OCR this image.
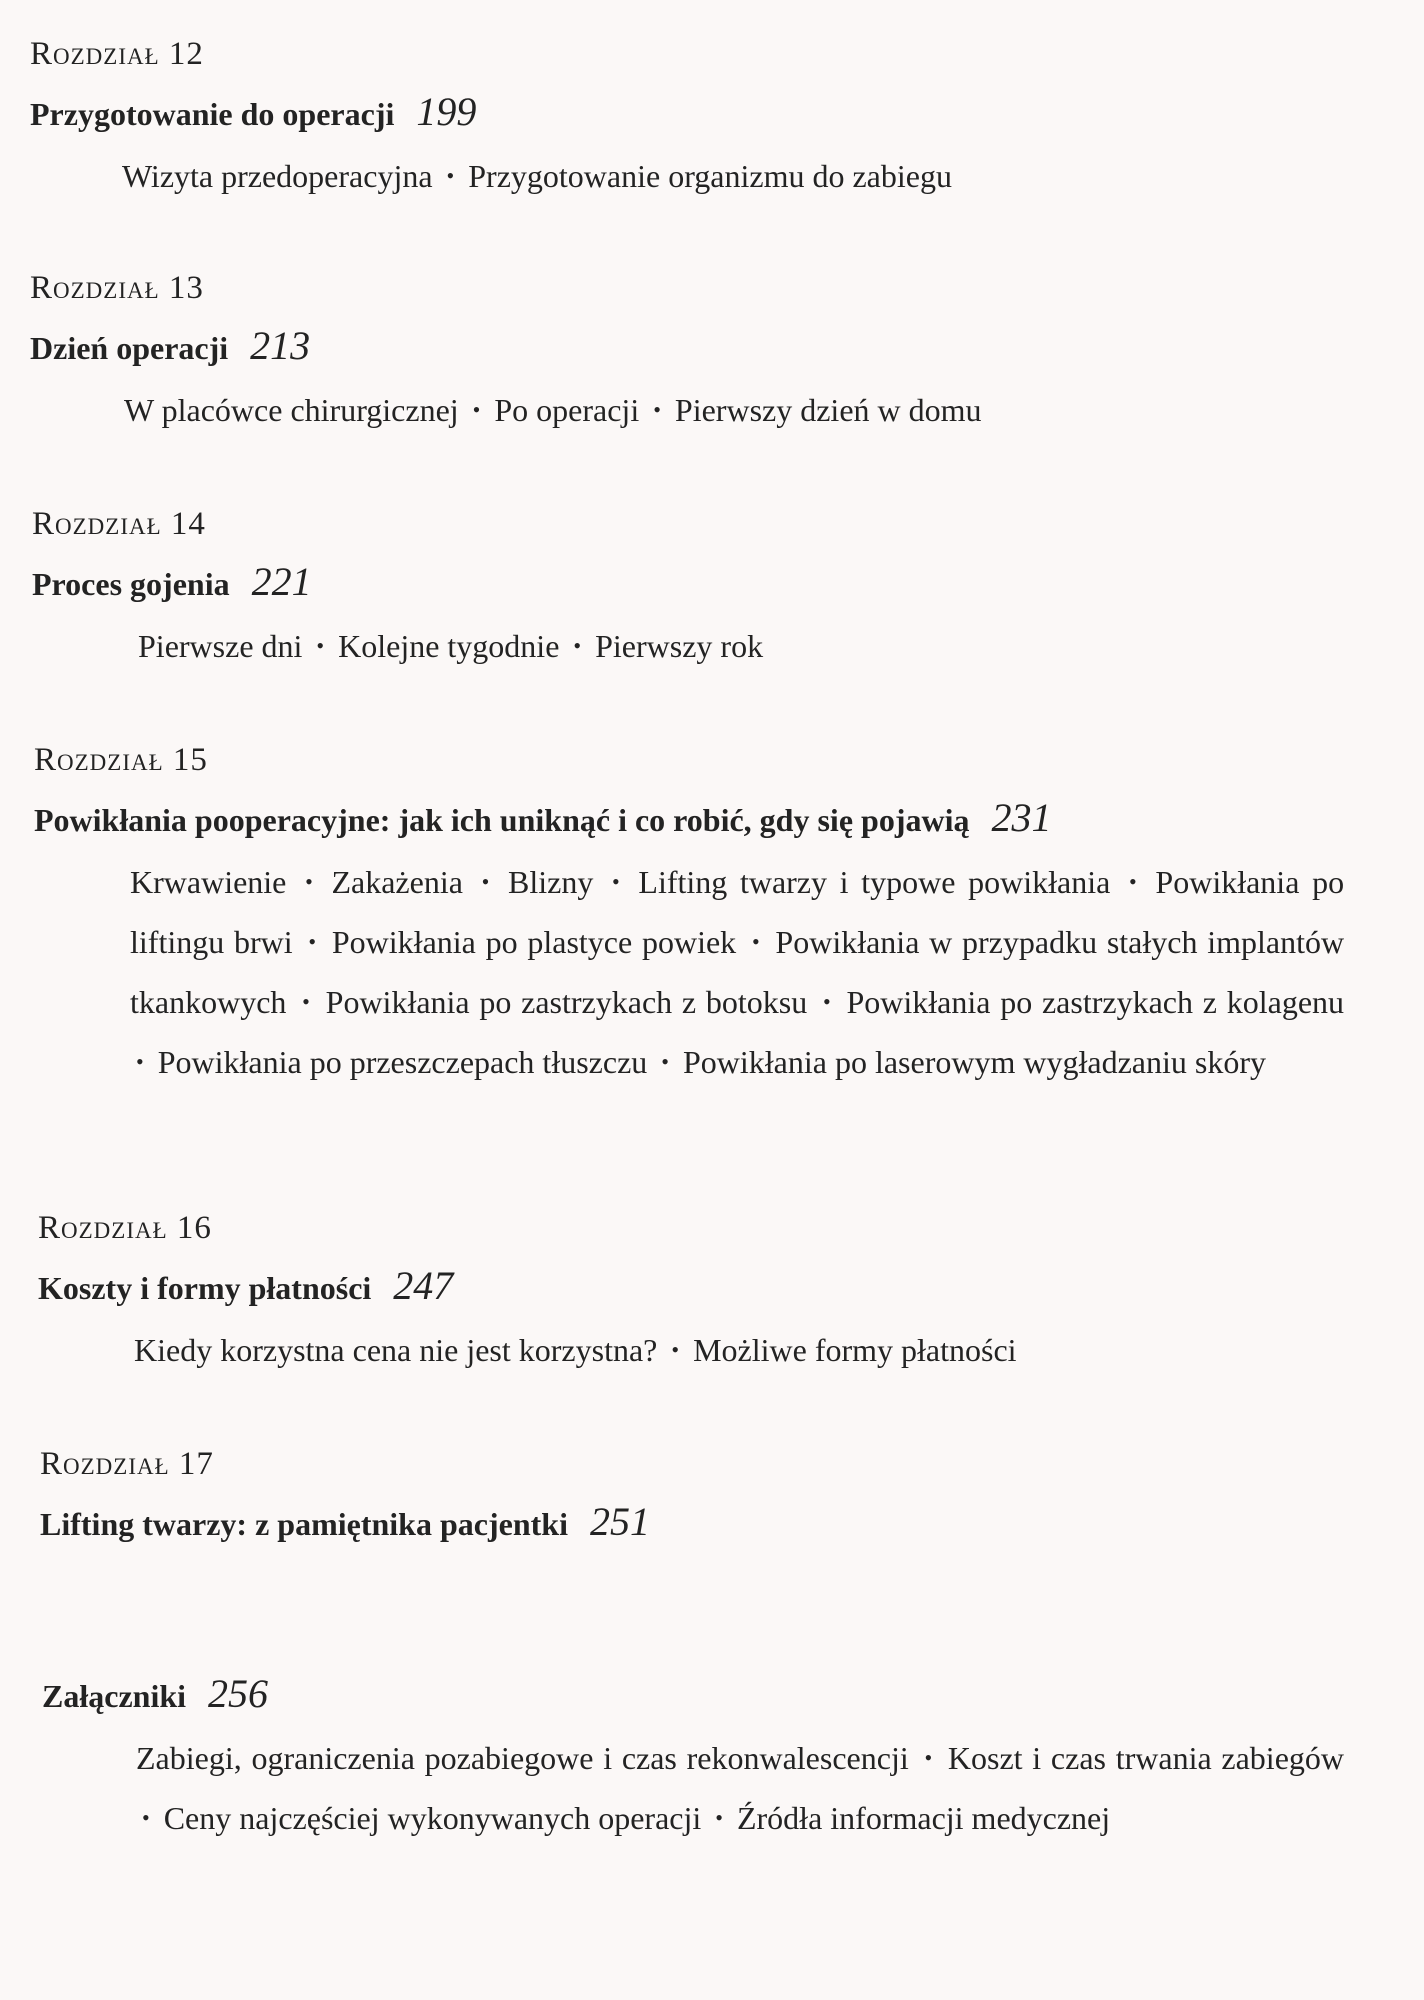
Rozdział 12

Przygotowanie do operacji 199

Wizyta przedoperacyjna • Przygotowanie organizmu do zabiegu

Rozdział 13

Dzień operacji 213

W placówce chirurgicznej • Po operacji • Pierwszy dzień w domu

Rozdział 14

Proces gojenia 221

Pierwsze dni • Kolejne tygodnie • Pierwszy rok

Rozdział 15

Powikłania pooperacyjne: jak ich uniknąć i co robić, gdy się pojawią 231

Krwawienie • Zakażenia • Blizny • Lifting twarzy i typowe powikłania • Powikłania po liftingu brwi • Powikłania po plastyce powiek • Powikłania w przypadku stałych implantów tkankowych • Powikłania po zastrzykach z botoksu • Powikłania po zastrzykach z kolagenu • Powikłania po przeszczepach tłuszczu • Powikłania po laserowym wygładzaniu skóry

Rozdział 16

Koszty i formy płatności 247

Kiedy korzystna cena nie jest korzystna? • Możliwe formy płatności

Rozdział 17

Lifting twarzy: z pamiętnika pacjentki 251

Załączniki 256

Zabiegi, ograniczenia pozabiegowe i czas rekonwalescencji • Koszt i czas trwania zabiegów • Ceny najczęściej wykonywanych operacji • Źródła informacji medycznej
